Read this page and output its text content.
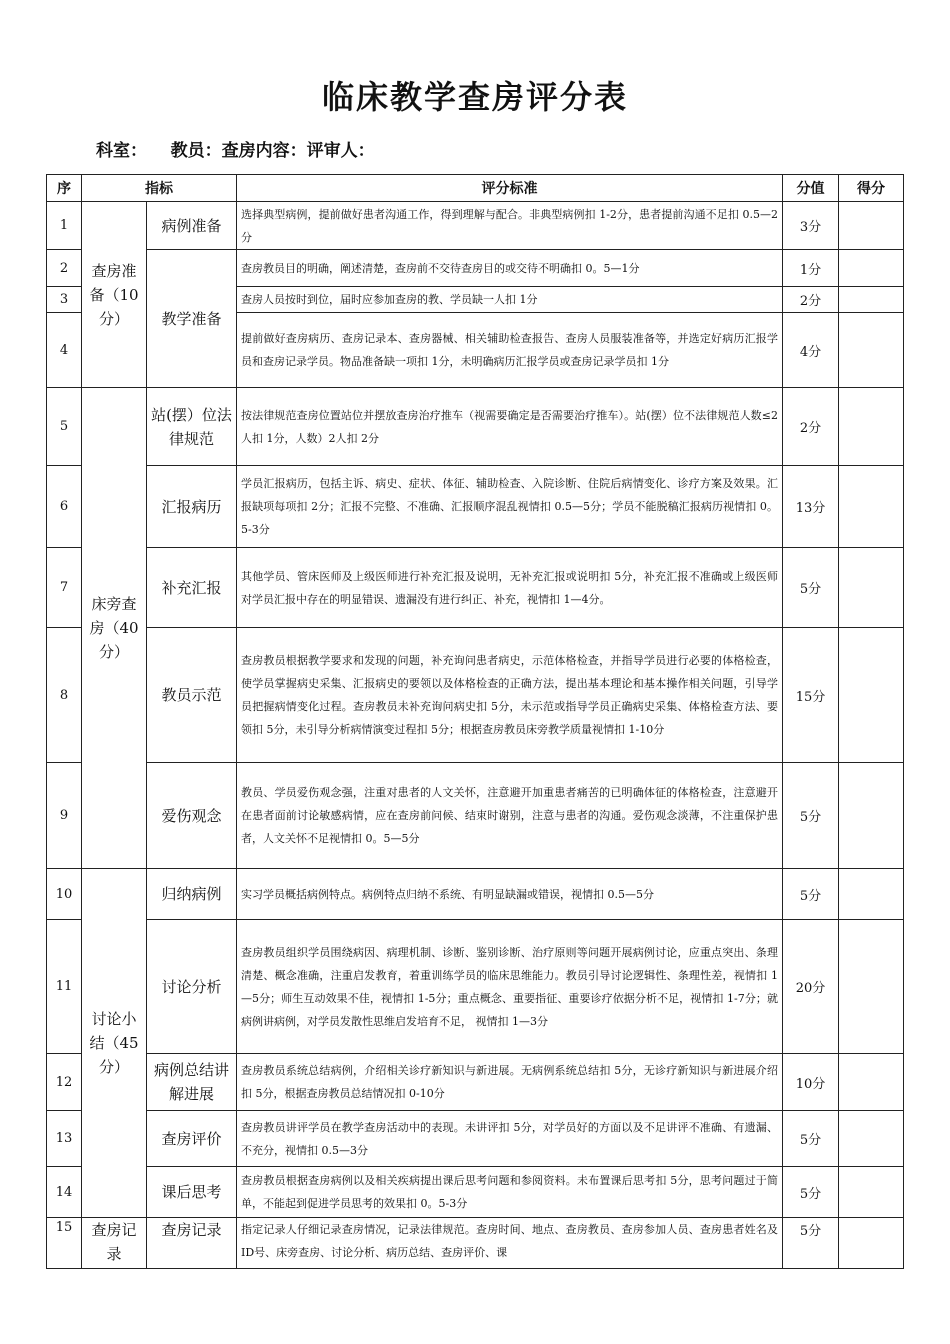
临床教学查房评分表
科室：    教员：查房内容：评审人：
序	指标		评分标准	分值	得分
1	查房准备（10分）	病例准备	选择典型病例，提前做好患者沟通工作，得到理解与配合。非典型病例扣 1-2分，患者提前沟通不足扣 0.5—2分	3分	
2		教学准备	查房教员目的明确，阐述清楚，查房前不交待查房目的或交待不明确扣 0。5—1分	1分	
3			查房人员按时到位，届时应参加查房的教、学员缺一人扣 1分	2分	
4			提前做好查房病历、查房记录本、查房器械、相关辅助检查报告、查房人员服装准备等，并选定好病历汇报学员和查房记录学员。物品准备缺一项扣 1分，未明确病历汇报学员或查房记录学员扣 1分	4分	
5	床旁查房（40分）	站(摆）位法律规范	按法律规范查房位置站位并摆放查房治疗推车（视需要确定是否需要治疗推车）。站(摆）位不法律规范人数≤2人扣 1分，人数）2人扣 2分	2分	
6		汇报病历	学员汇报病历，包括主诉、病史、症状、体征、辅助检查、入院诊断、住院后病情变化、诊疗方案及效果。汇报缺项每项扣 2分；汇报不完整、不准确、汇报顺序混乱视情扣 0.5—5分；学员不能脱稿汇报病历视情扣 0。5-3分	13分	
7		补充汇报	其他学员、管床医师及上级医师进行补充汇报及说明，无补充汇报或说明扣 5分，补充汇报不准确或上级医师对学员汇报中存在的明显错误、遗漏没有进行纠正、补充，视情扣 1—4分。	5分	
8		教员示范	查房教员根据教学要求和发现的问题，补充询问患者病史，示范体格检查，并指导学员进行必要的体格检查，使学员掌握病史采集、汇报病史的要领以及体格检查的正确方法，提出基本理论和基本操作相关问题，引导学员把握病情变化过程。查房教员未补充询问病史扣 5分，未示范或指导学员正确病史采集、体格检查方法、要领扣 5分，未引导分析病情演变过程扣 5分；根据查房教员床旁教学质量视情扣 1-10分	15分	
9		爱伤观念	教员、学员爱伤观念强，注重对患者的人文关怀，注意避开加重患者痛苦的已明确体征的体格检查，注意避开在患者面前讨论敏感病情，应在查房前问候、结束时谢别，注意与患者的沟通。爱伤观念淡薄，不注重保护患者，人文关怀不足视情扣 0。5—5分	5分	
10	讨论小结（45分）	归纳病例	实习学员概括病例特点。病例特点归纳不系统、有明显缺漏或错误，视情扣 0.5—5分	5分	
11		讨论分析	查房教员组织学员围绕病因、病理机制、诊断、鉴别诊断、治疗原则等问题开展病例讨论，应重点突出、条理清楚、概念准确，注重启发教育，着重训练学员的临床思维能力。教员引导讨论逻辑性、条理性差，视情扣 1—5分；师生互动效果不佳，视情扣 1-5分；重点概念、重要指征、重要诊疗依据分析不足，视情扣 1-7分；就病例讲病例，对学员发散性思维启发培育不足， 视情扣 1—3分	20分	
12		病例总结讲解进展	查房教员系统总结病例，介绍相关诊疗新知识与新进展。无病例系统总结扣 5分，无诊疗新知识与新进展介绍扣 5分，根据查房教员总结情况扣 0-10分	10分	
13		查房评价	查房教员讲评学员在教学查房活动中的表现。未讲评扣 5分，对学员好的方面以及不足讲评不准确、有遗漏、不充分，视情扣 0.5—3分	5分	
14		课后思考	查房教员根据查房病例以及相关疾病提出课后思考问题和参阅资料。未布置课后思考扣 5分，思考问题过于简单，不能起到促进学员思考的效果扣 0。5-3分	5分	
15	查房记录	查房记录	指定记录人仔细记录查房情况，记录法律规范。查房时间、地点、查房教员、查房参加人员、查房患者姓名及 ID号、床旁查房、讨论分析、病历总结、查房评价、课	5分	
